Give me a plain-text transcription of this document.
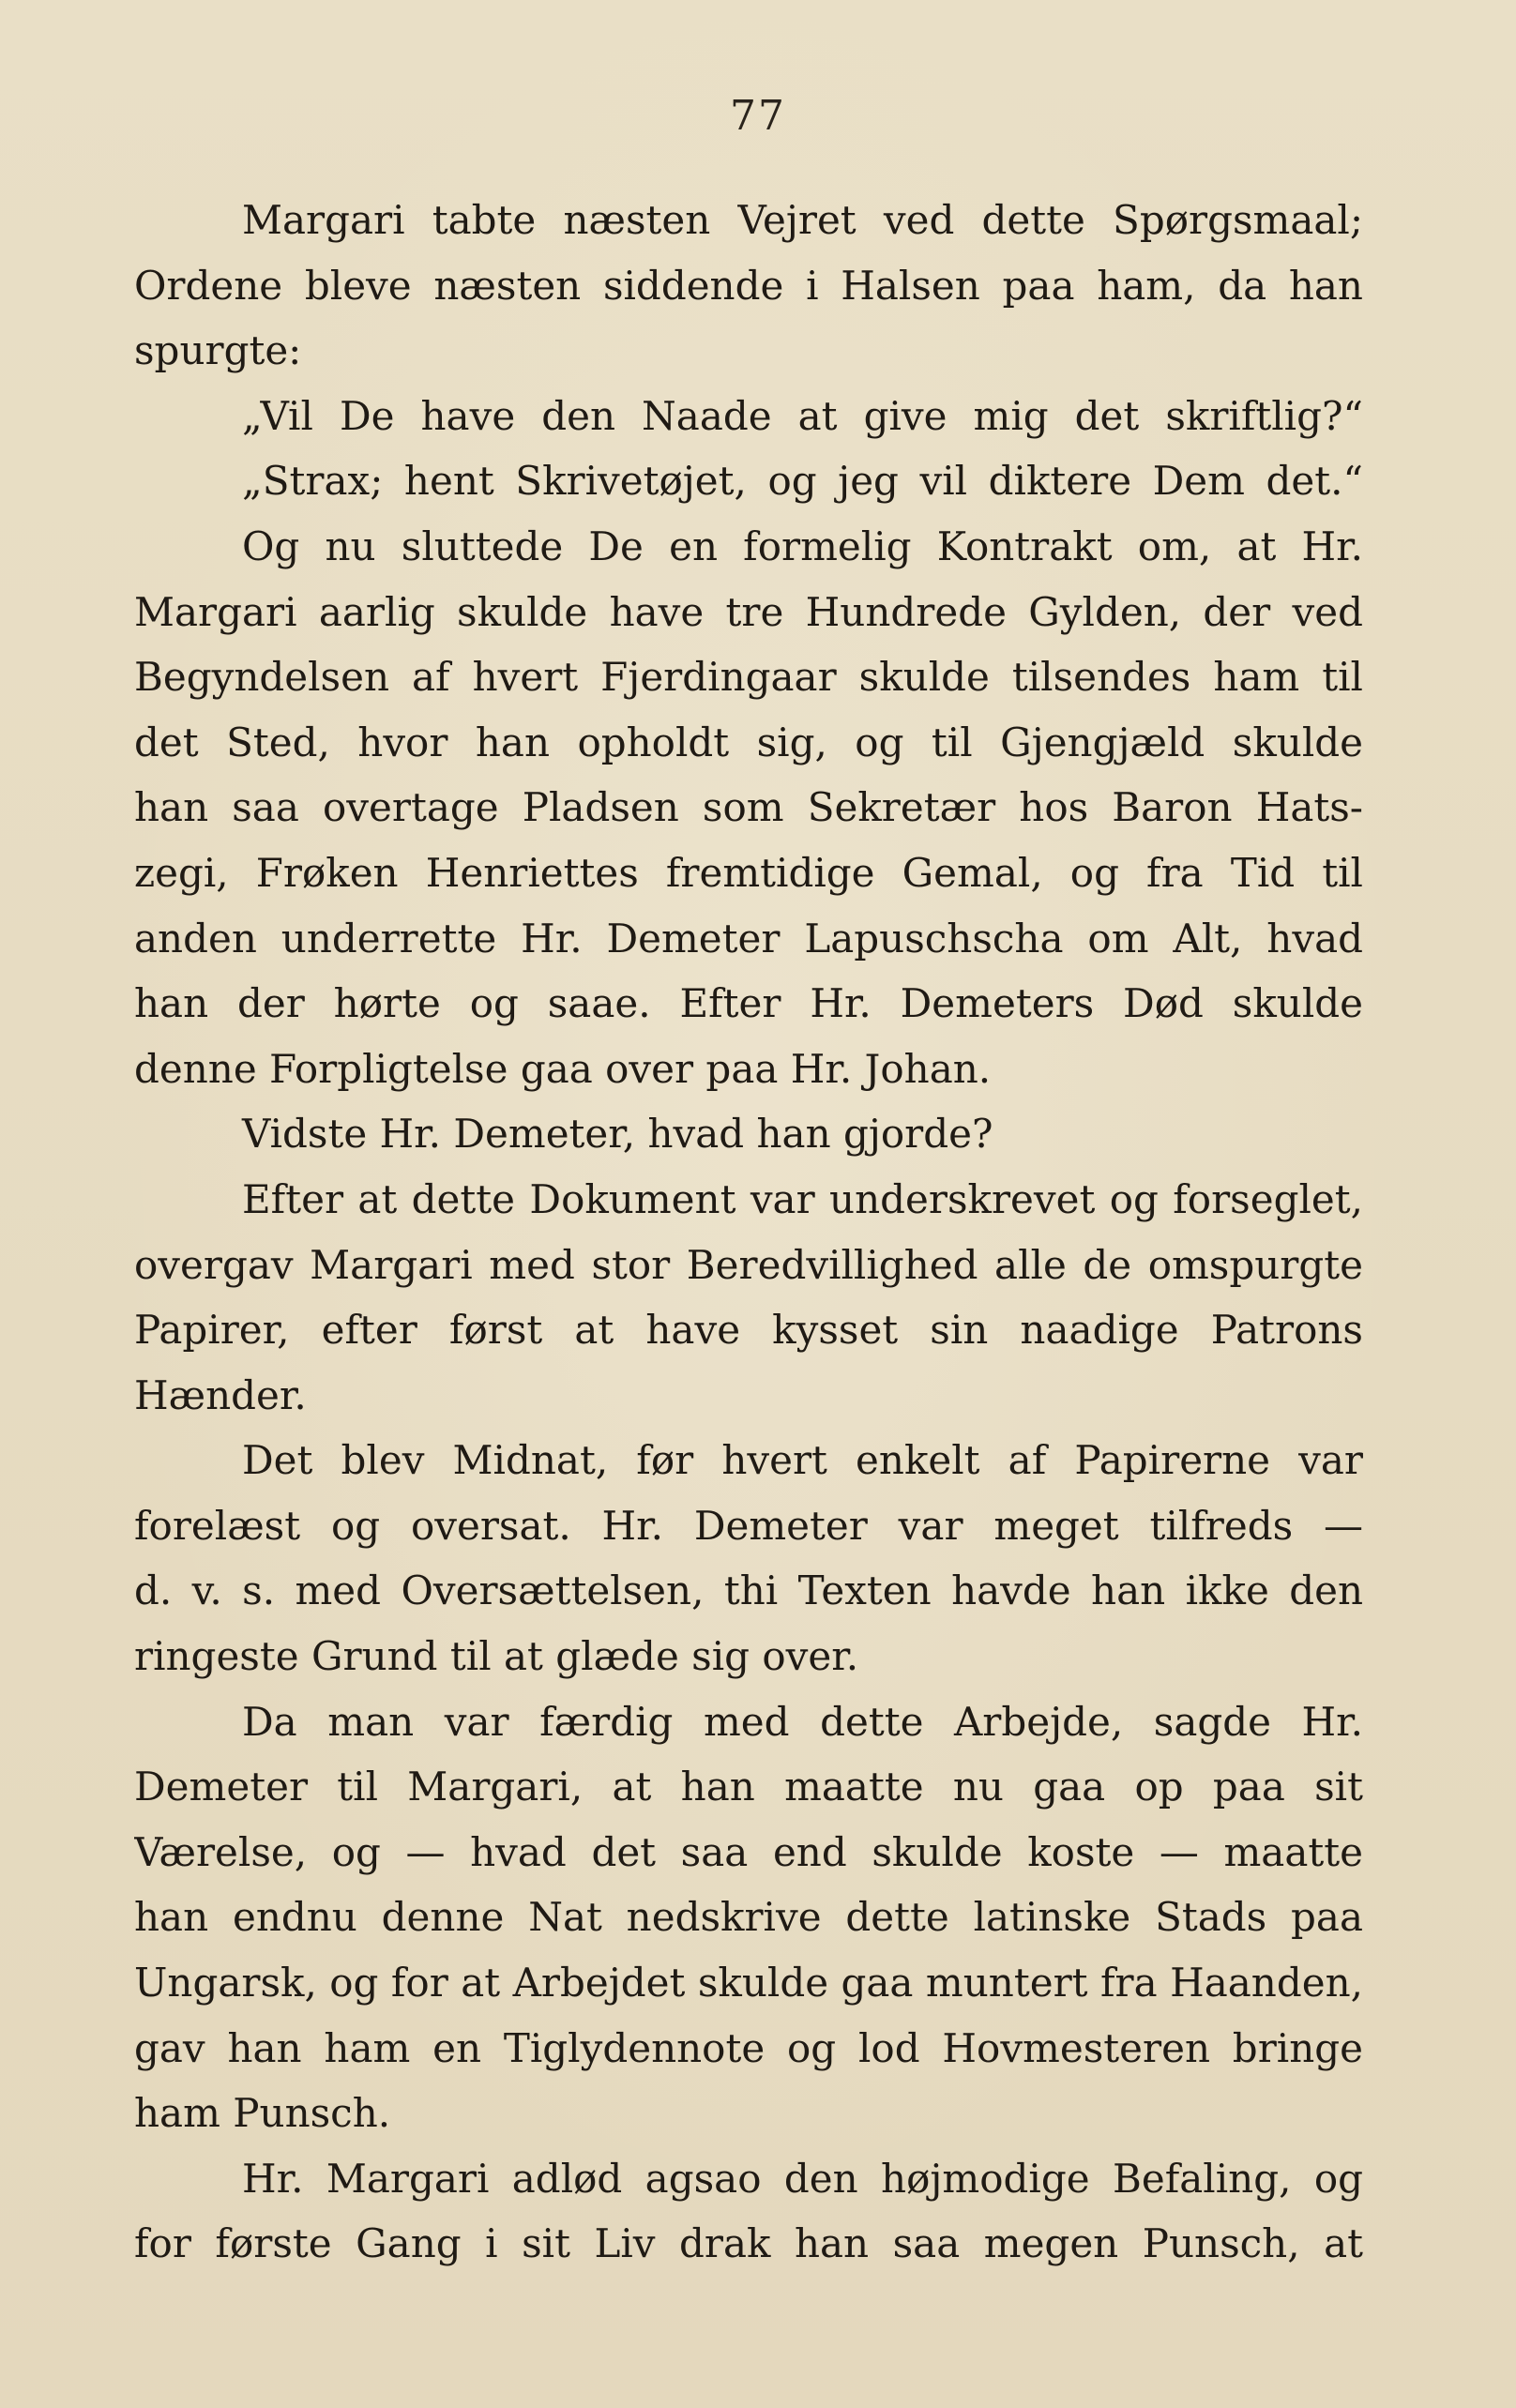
77
Margari tabte næsten Vejret ved dette Spørgsmaal;
Ordene bleve næsten siddende i Halsen paa ham, da han
spurgte:
„Vil De have den Naade at give mig det skriftlig?“
„Strax; hent Skrivetøjet, og jeg vil diktere Dem det.“
Og nu sluttede De en formelig Kontrakt om, at Hr.
Margari aarlig skulde have tre Hundrede Gylden, der ved
Begyndelsen af hvert Fjerdingaar skulde tilsendes ham til
det Sted, hvor han opholdt sig, og til Gjengjæld skulde
han saa overtage Pladsen som Sekretær hos Baron Hats-
zegi, Frøken Henriettes fremtidige Gemal, og fra Tid til
anden underrette Hr. Demeter Lapuschscha om Alt, hvad
han der hørte og saae. Efter Hr. Demeters Død skulde
denne Forpligtelse gaa over paa Hr. Johan.
Vidste Hr. Demeter, hvad han gjorde?
Efter at dette Dokument var underskrevet og forseglet,
overgav Margari med stor Beredvillighed alle de omspurgte
Papirer, efter først at have kysset sin naadige Patrons
Hænder.
Det blev Midnat, før hvert enkelt af Papirerne var
forelæst og oversat. Hr. Demeter var meget tilfreds —
d. v. s. med Oversættelsen, thi Texten havde han ikke den
ringeste Grund til at glæde sig over.
Da man var færdig med dette Arbejde, sagde Hr.
Demeter til Margari, at han maatte nu gaa op paa sit
Værelse, og — hvad det saa end skulde koste — maatte
han endnu denne Nat nedskrive dette latinske Stads paa
Ungarsk, og for at Arbejdet skulde gaa muntert fra Haanden,
gav han ham en Tiglydennote og lod Hovmesteren bringe
ham Punsch.
Hr. Margari adlød agsao den højmodige Befaling, og
for første Gang i sit Liv drak han saa megen Punsch, at
